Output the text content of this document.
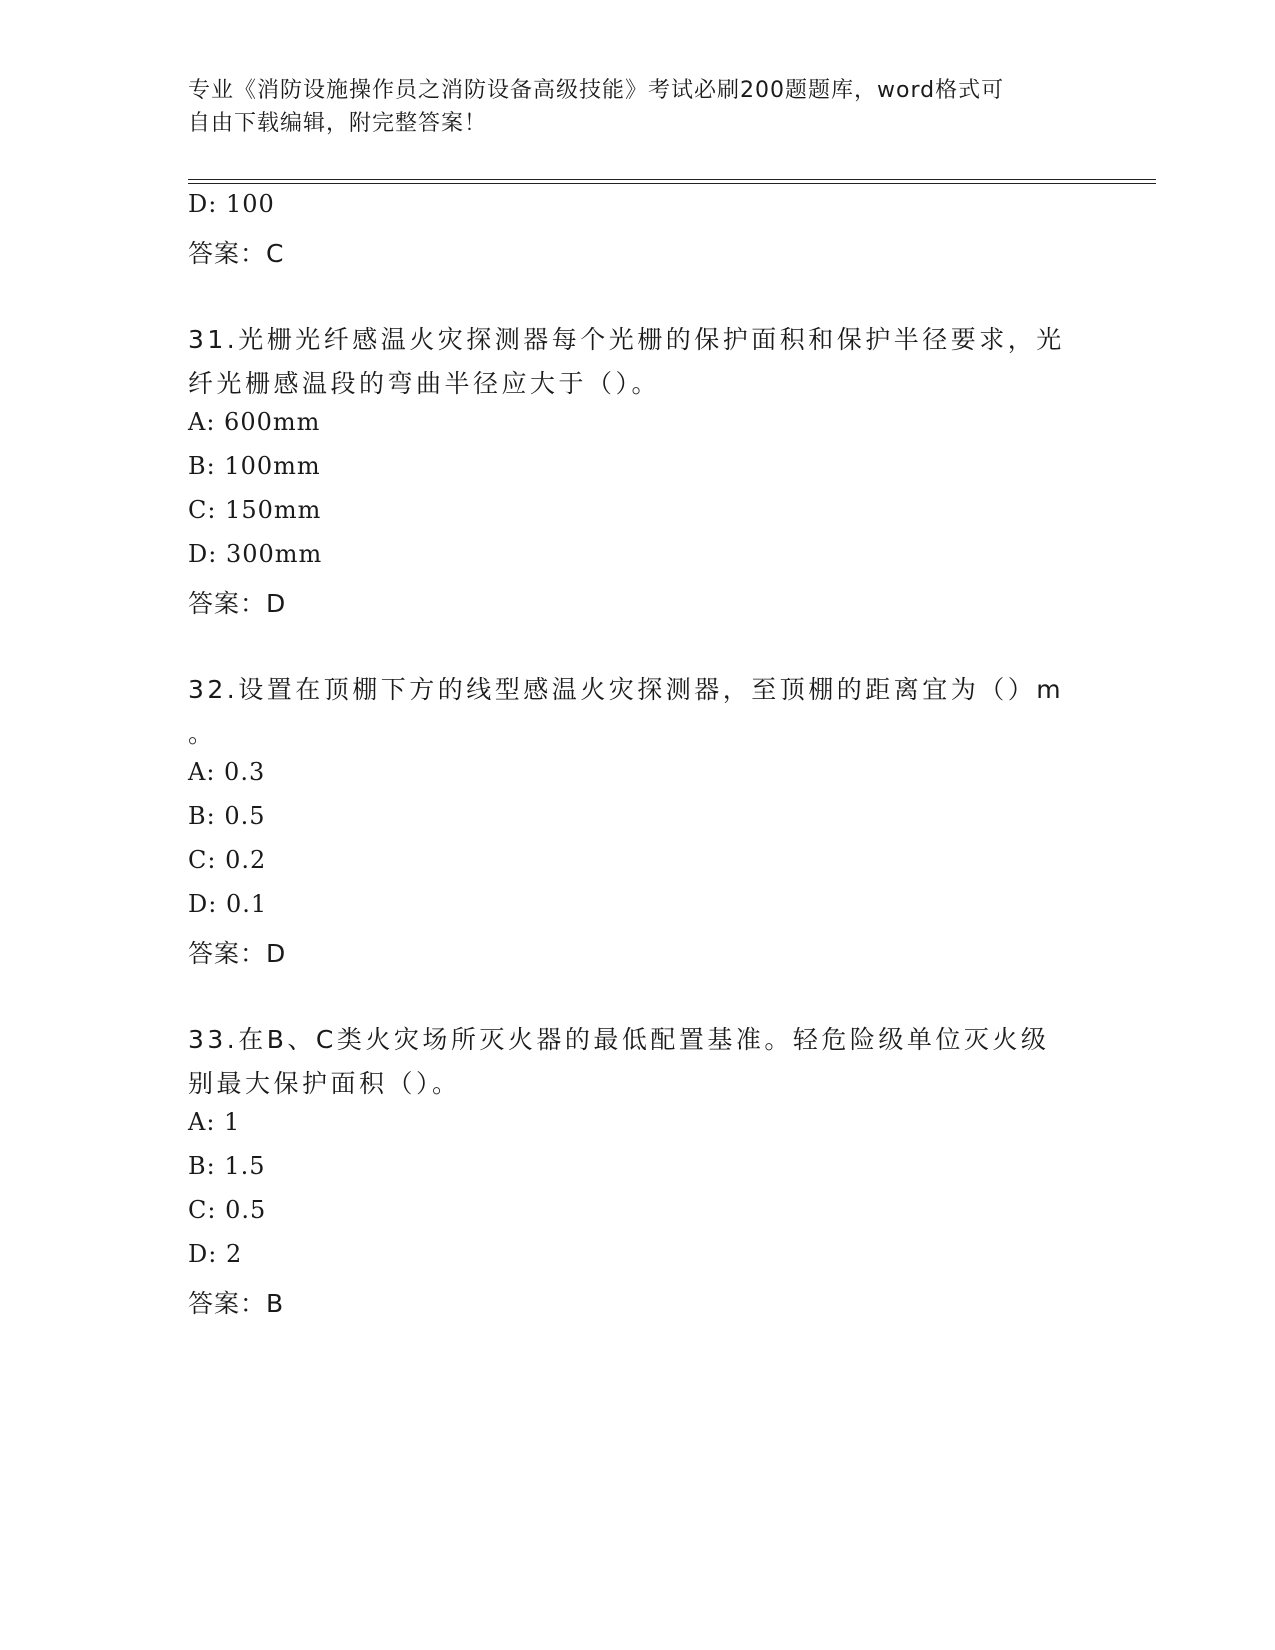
专业《消防设施操作员之消防设备高级技能》考试必刷200题题库，word格式可
自由下载编辑，附完整答案！
D: 100
答案：C
31.光栅光纤感温火灾探测器每个光栅的保护面积和保护半径要求，光
纤光栅感温段的弯曲半径应大于（）。
A: 600mm
B: 100mm
C: 150mm
D: 300mm
答案：D
32.设置在顶棚下方的线型感温火灾探测器，至顶棚的距离宜为（）m
。
A: 0.3
B: 0.5
C: 0.2
D: 0.1
答案：D
33.在B、C类火灾场所灭火器的最低配置基准。轻危险级单位灭火级
别最大保护面积（）。
A: 1
B: 1.5
C: 0.5
D: 2
答案：B
